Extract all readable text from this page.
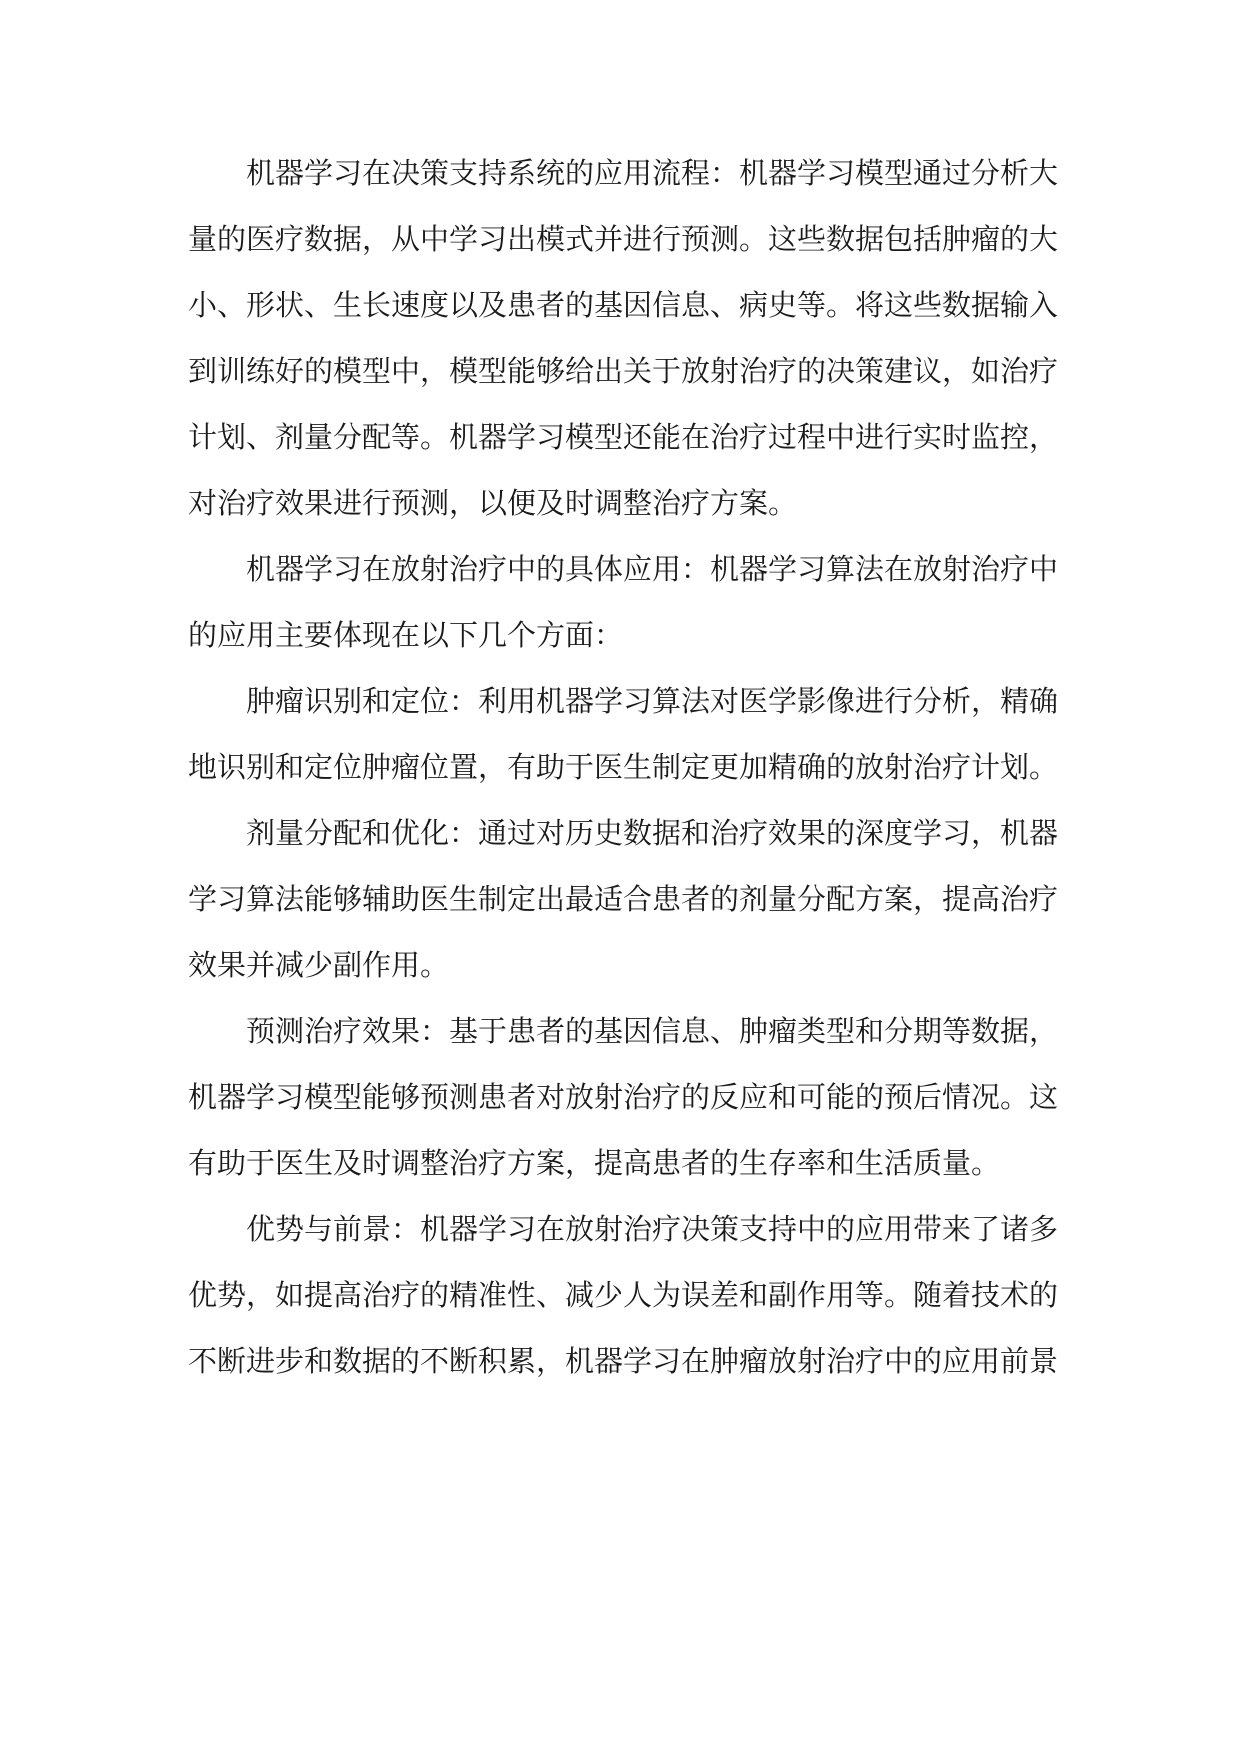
机器学习在决策支持系统的应用流程：机器学习模型通过分析大量的医疗数据，从中学习出模式并进行预测。这些数据包括肿瘤的大小、形状、生长速度以及患者的基因信息、病史等。将这些数据输入到训练好的模型中，模型能够给出关于放射治疗的决策建议，如治疗计划、剂量分配等。机器学习模型还能在治疗过程中进行实时监控，对治疗效果进行预测，以便及时调整治疗方案。

机器学习在放射治疗中的具体应用：机器学习算法在放射治疗中的应用主要体现在以下几个方面：

肿瘤识别和定位：利用机器学习算法对医学影像进行分析，精确地识别和定位肿瘤位置，有助于医生制定更加精确的放射治疗计划。

剂量分配和优化：通过对历史数据和治疗效果的深度学习，机器学习算法能够辅助医生制定出最适合患者的剂量分配方案，提高治疗效果并减少副作用。

预测治疗效果：基于患者的基因信息、肿瘤类型和分期等数据，机器学习模型能够预测患者对放射治疗的反应和可能的预后情况。这有助于医生及时调整治疗方案，提高患者的生存率和生活质量。

优势与前景：机器学习在放射治疗决策支持中的应用带来了诸多优势，如提高治疗的精准性、减少人为误差和副作用等。随着技术的不断进步和数据的不断积累，机器学习在肿瘤放射治疗中的应用前景
